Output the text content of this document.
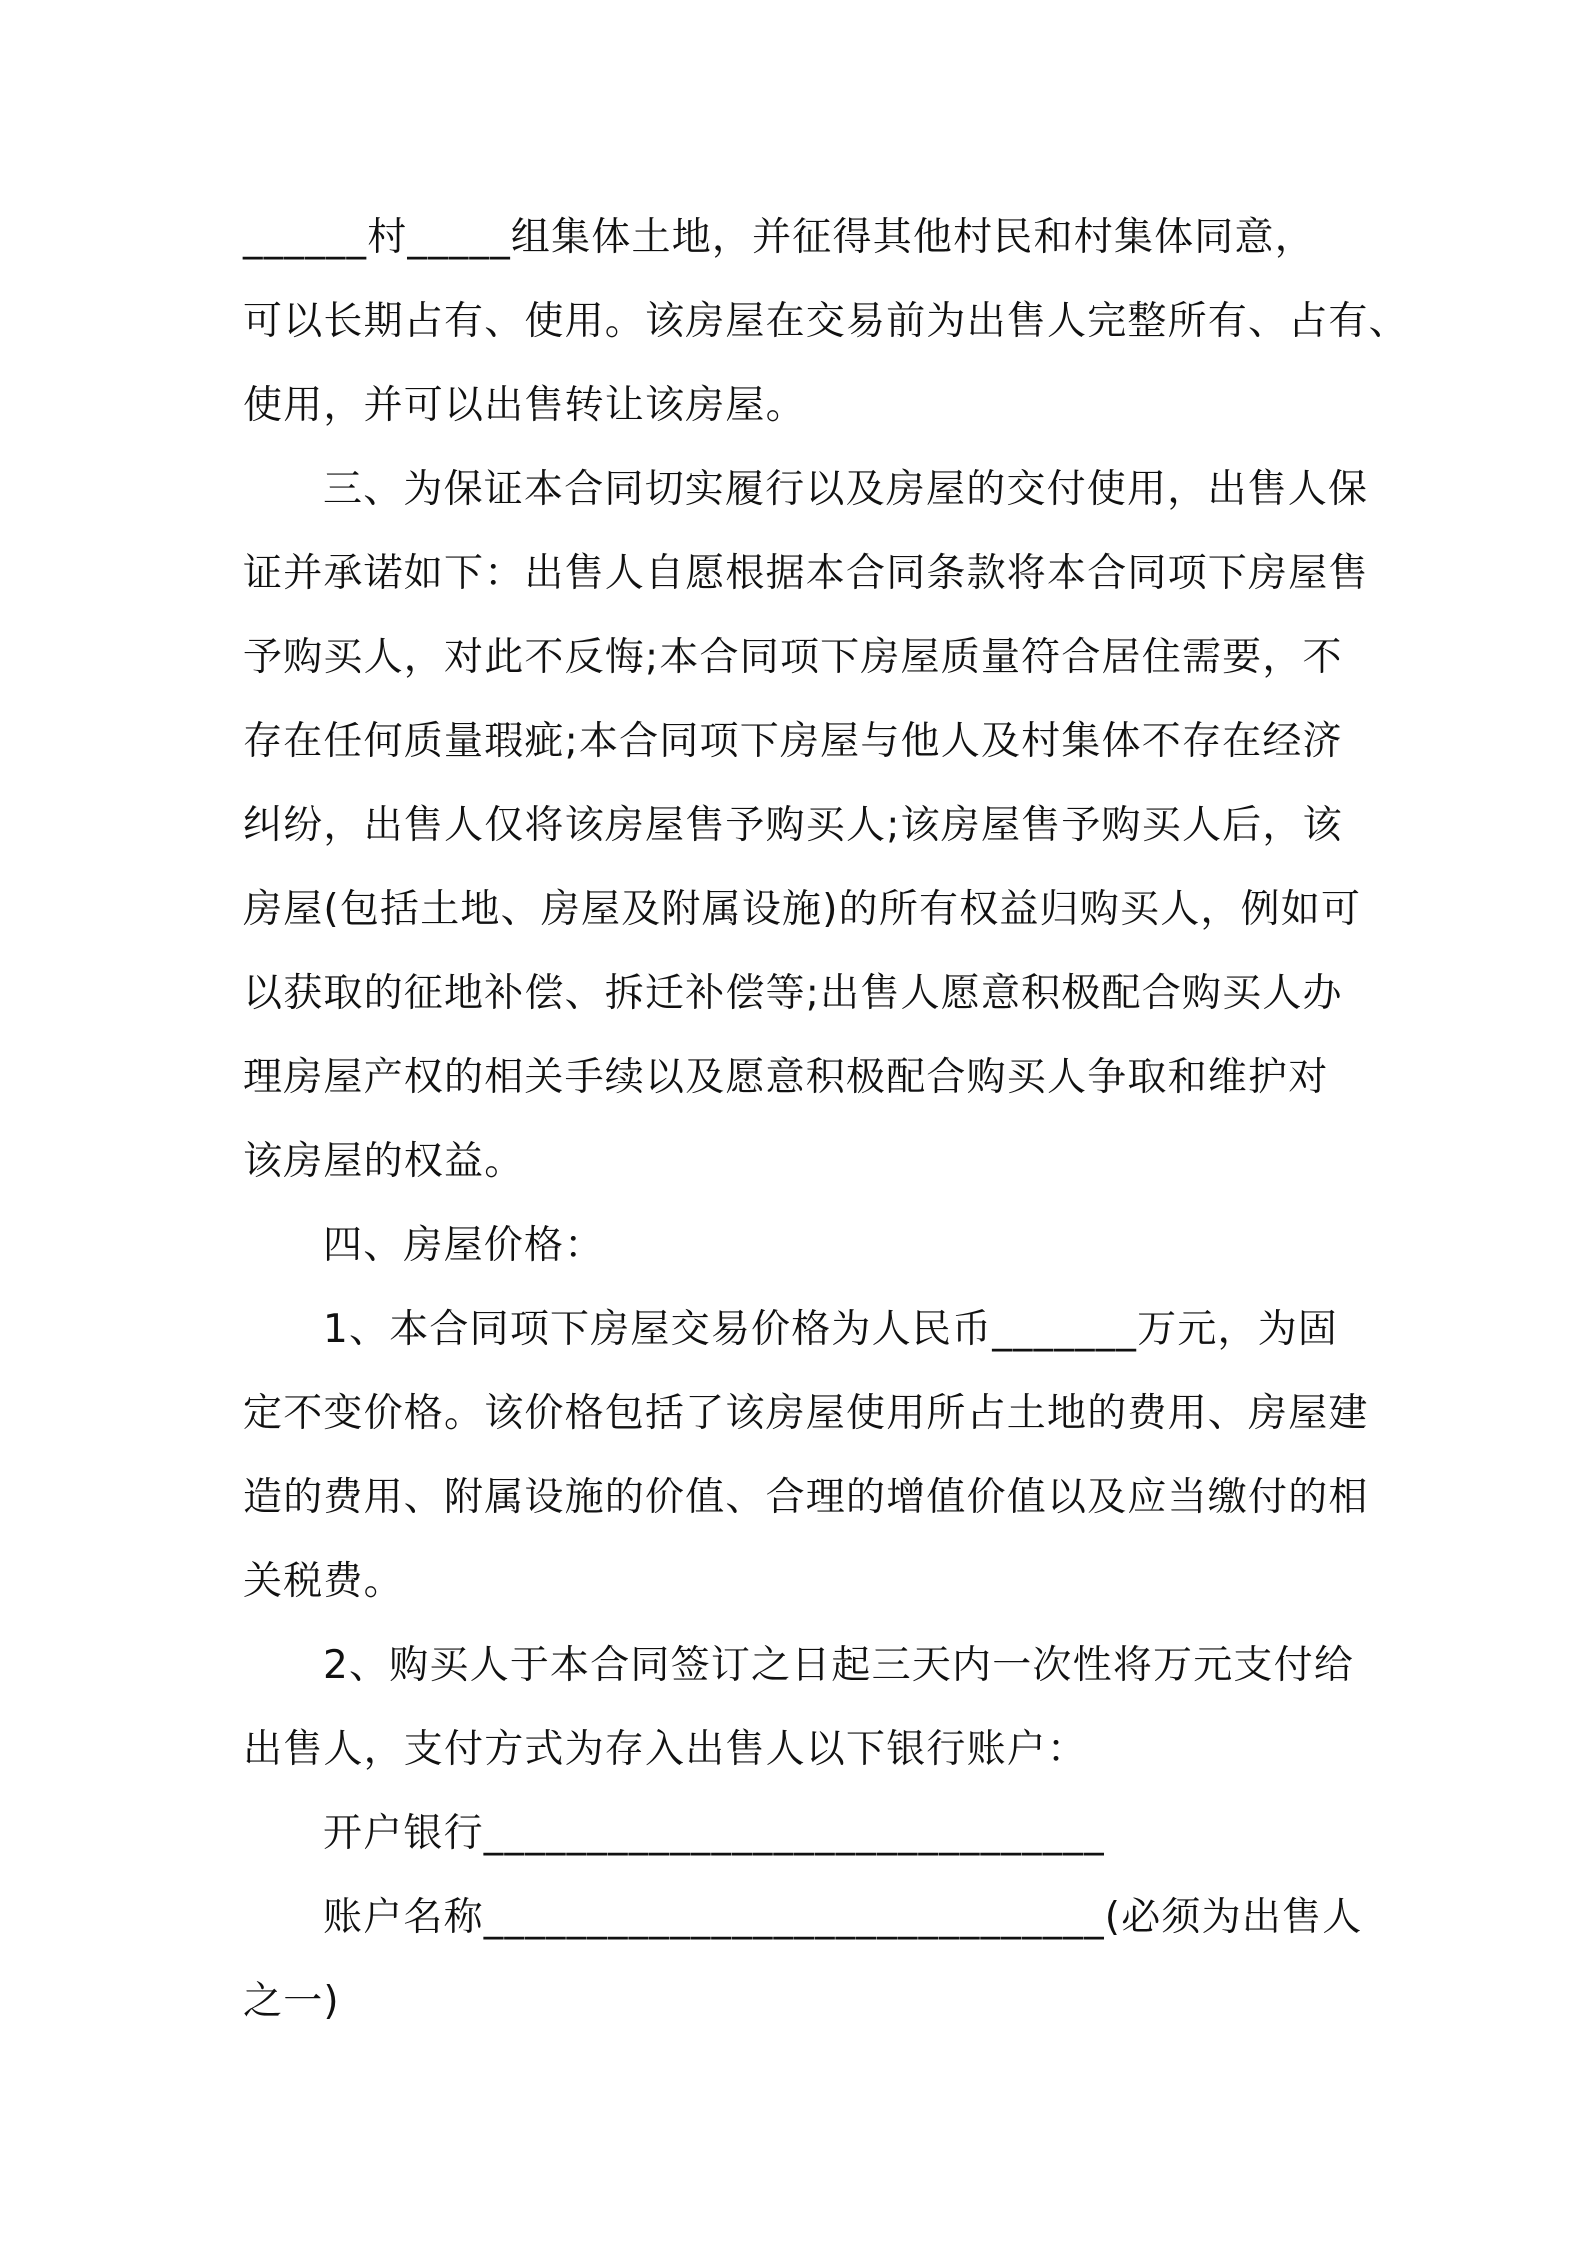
______村_____组集体土地，并征得其他村民和村集体同意，
可以长期占有、使用。该房屋在交易前为出售人完整所有、占有、
使用，并可以出售转让该房屋。
三、为保证本合同切实履行以及房屋的交付使用，出售人保
证并承诺如下：出售人自愿根据本合同条款将本合同项下房屋售
予购买人，对此不反悔;本合同项下房屋质量符合居住需要，不
存在任何质量瑕疵;本合同项下房屋与他人及村集体不存在经济
纠纷，出售人仅将该房屋售予购买人;该房屋售予购买人后，该
房屋(包括土地、房屋及附属设施)的所有权益归购买人，例如可
以获取的征地补偿、拆迁补偿等;出售人愿意积极配合购买人办
理房屋产权的相关手续以及愿意积极配合购买人争取和维护对
该房屋的权益。
四、房屋价格：
1、本合同项下房屋交易价格为人民币_______万元，为固
定不变价格。该价格包括了该房屋使用所占土地的费用、房屋建
造的费用、附属设施的价值、合理的增值价值以及应当缴付的相
关税费。
2、购买人于本合同签订之日起三天内一次性将万元支付给
出售人，支付方式为存入出售人以下银行账户：
开户银行______________________________
账户名称______________________________(必须为出售人
之一)
